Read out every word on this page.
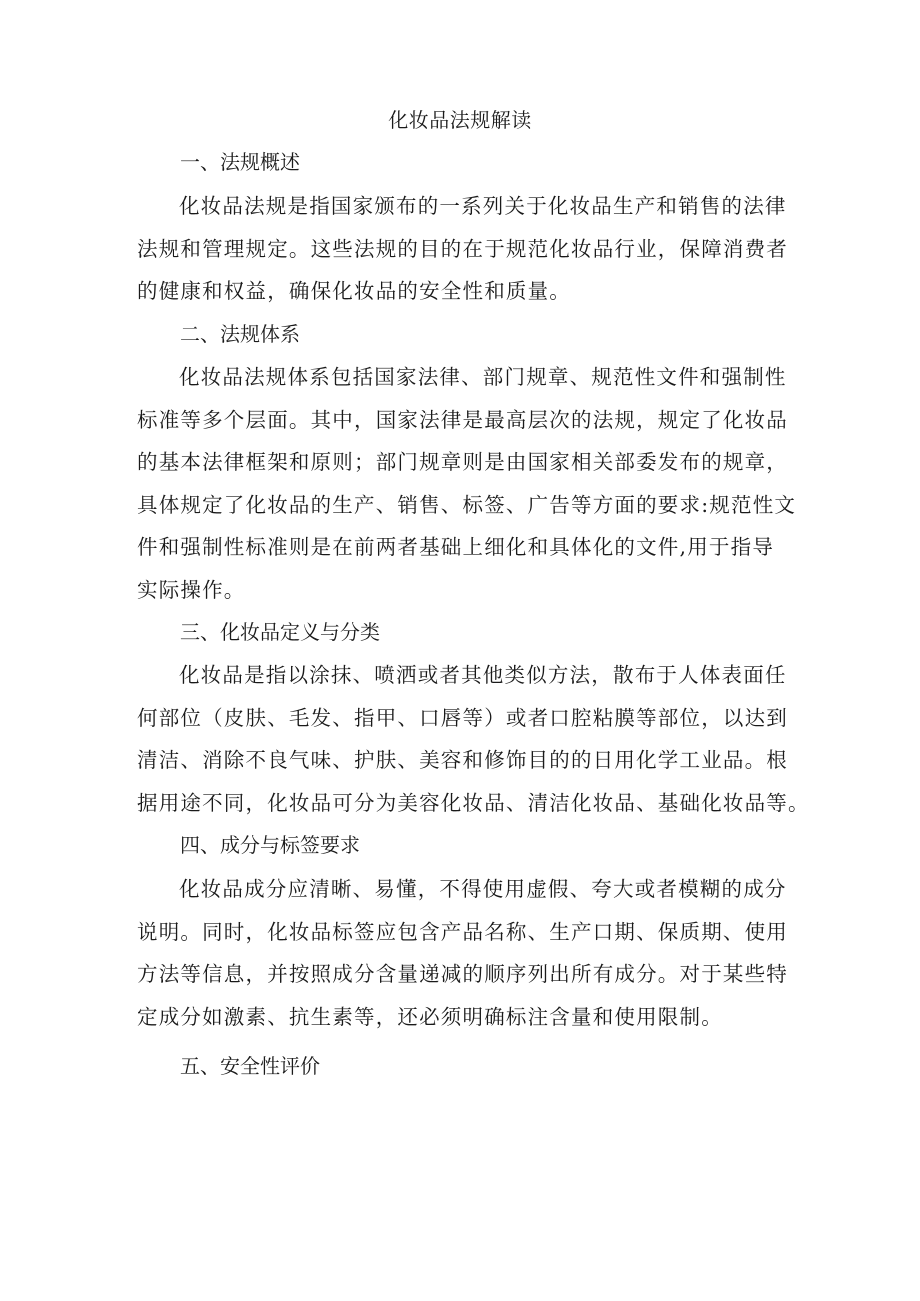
化妆品法规解读
一、法规概述

化妆品法规是指国家颁布的一系列关于化妆品生产和销售的法律
法规和管理规定。这些法规的目的在于规范化妆品行业，保障消费者
的健康和权益，确保化妆品的安全性和质量。

二、法规体系

化妆品法规体系包括国家法律、部门规章、规范性文件和强制性
标准等多个层面。其中，国家法律是最高层次的法规，规定了化妆品
的基本法律框架和原则；部门规章则是由国家相关部委发布的规章，
具体规定了化妆品的生产、销售、标签、广告等方面的要求:规范性文
件和强制性标准则是在前两者基础上细化和具体化的文件,用于指导
实际操作。

三、化妆品定义与分类

化妆品是指以涂抹、喷洒或者其他类似方法，散布于人体表面任
何部位（皮肤、毛发、指甲、口唇等）或者口腔粘膜等部位，以达到
清洁、消除不良气味、护肤、美容和修饰目的的日用化学工业品。根
据用途不同，化妆品可分为美容化妆品、清洁化妆品、基础化妆品等。

四、成分与标签要求

化妆品成分应清晰、易懂，不得使用虚假、夸大或者模糊的成分
说明。同时，化妆品标签应包含产品名称、生产口期、保质期、使用
方法等信息，并按照成分含量递减的顺序列出所有成分。对于某些特
定成分如激素、抗生素等，还必须明确标注含量和使用限制。

五、安全性评价
